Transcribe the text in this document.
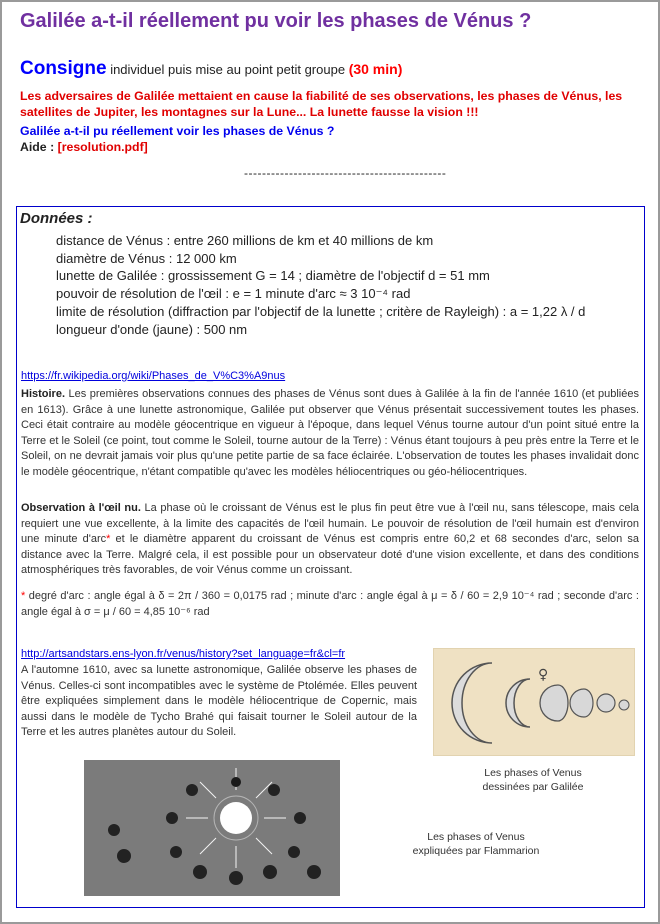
Galilée a-t-il réellement pu voir les phases de Vénus ?
Consigne individuel puis mise au point petit groupe (30 min)
Les adversaires de Galilée mettaient en cause la fiabilité de ses observations, les phases de Vénus, les
satellites de Jupiter, les montagnes sur la Lune... La lunette fausse la vision !!!
Galilée a-t-il pu réellement voir les phases de Vénus ?
Aide : [resolution.pdf]
---------------------------------------------
Données :
distance de Vénus : entre 260 millions de km et 40 millions de km
diamètre de Vénus : 12 000 km
lunette de Galilée : grossissement G = 14 ; diamètre de l'objectif d = 51 mm
pouvoir de résolution de l'œil : e = 1 minute d'arc ≈ 3 10⁻⁴ rad
limite de résolution (diffraction par l'objectif de la lunette ; critère de Rayleigh) : a = 1,22 λ / d
longueur d'onde (jaune) : 500 nm
https://fr.wikipedia.org/wiki/Phases_de_V%C3%A9nus
Histoire. Les premières observations connues des phases de Vénus sont dues à Galilée à la fin de l'année 1610 (et publiées en 1613). Grâce à une lunette astronomique, Galilée put observer que Vénus présentait successivement toutes les phases. Ceci était contraire au modèle géocentrique en vigueur à l'époque, dans lequel Vénus tourne autour d'un point situé entre la Terre et le Soleil (ce point, tout comme le Soleil, tourne autour de la Terre) : Vénus étant toujours à peu près entre la Terre et le Soleil, on ne devrait jamais voir plus qu'une petite partie de sa face éclairée. L'observation de toutes les phases invalidait donc le modèle géocentrique, n'étant compatible qu'avec les modèles héliocentriques ou géo-héliocentriques.
Observation à l'œil nu. La phase où le croissant de Vénus est le plus fin peut être vue à l'œil nu, sans télescope, mais cela requiert une vue excellente, à la limite des capacités de l'œil humain. Le pouvoir de résolution de l'œil humain est d'environ une minute d'arc* et le diamètre apparent du croissant de Vénus est compris entre 60,2 et 68 secondes d'arc, selon sa distance avec la Terre. Malgré cela, il est possible pour un observateur doté d'une vision excellente, et dans des conditions atmosphériques très favorables, de voir Vénus comme un croissant.
* degré d'arc : angle égal à δ = 2π / 360 = 0,0175 rad ; minute d'arc : angle égal à μ = δ / 60 = 2,9 10⁻⁴ rad ; seconde d'arc : angle égal à σ = μ / 60 = 4,85 10⁻⁶ rad
http://artsandstars.ens-lyon.fr/venus/history?set_language=fr&cl=fr
A l'automne 1610, avec sa lunette astronomique, Galilée observe les phases de Vénus. Celles-ci sont incompatibles avec le système de Ptolémée. Elles peuvent être expliquées simplement dans le modèle héliocentrique de Copernic, mais aussi dans le modèle de Tycho Brahé qui faisait tourner le Soleil autour de la Terre et les autres planètes autour du Soleil.
♀
Les phases of Venus
dessinées par Galilée
Les phases of Venus
expliquées par Flammarion
